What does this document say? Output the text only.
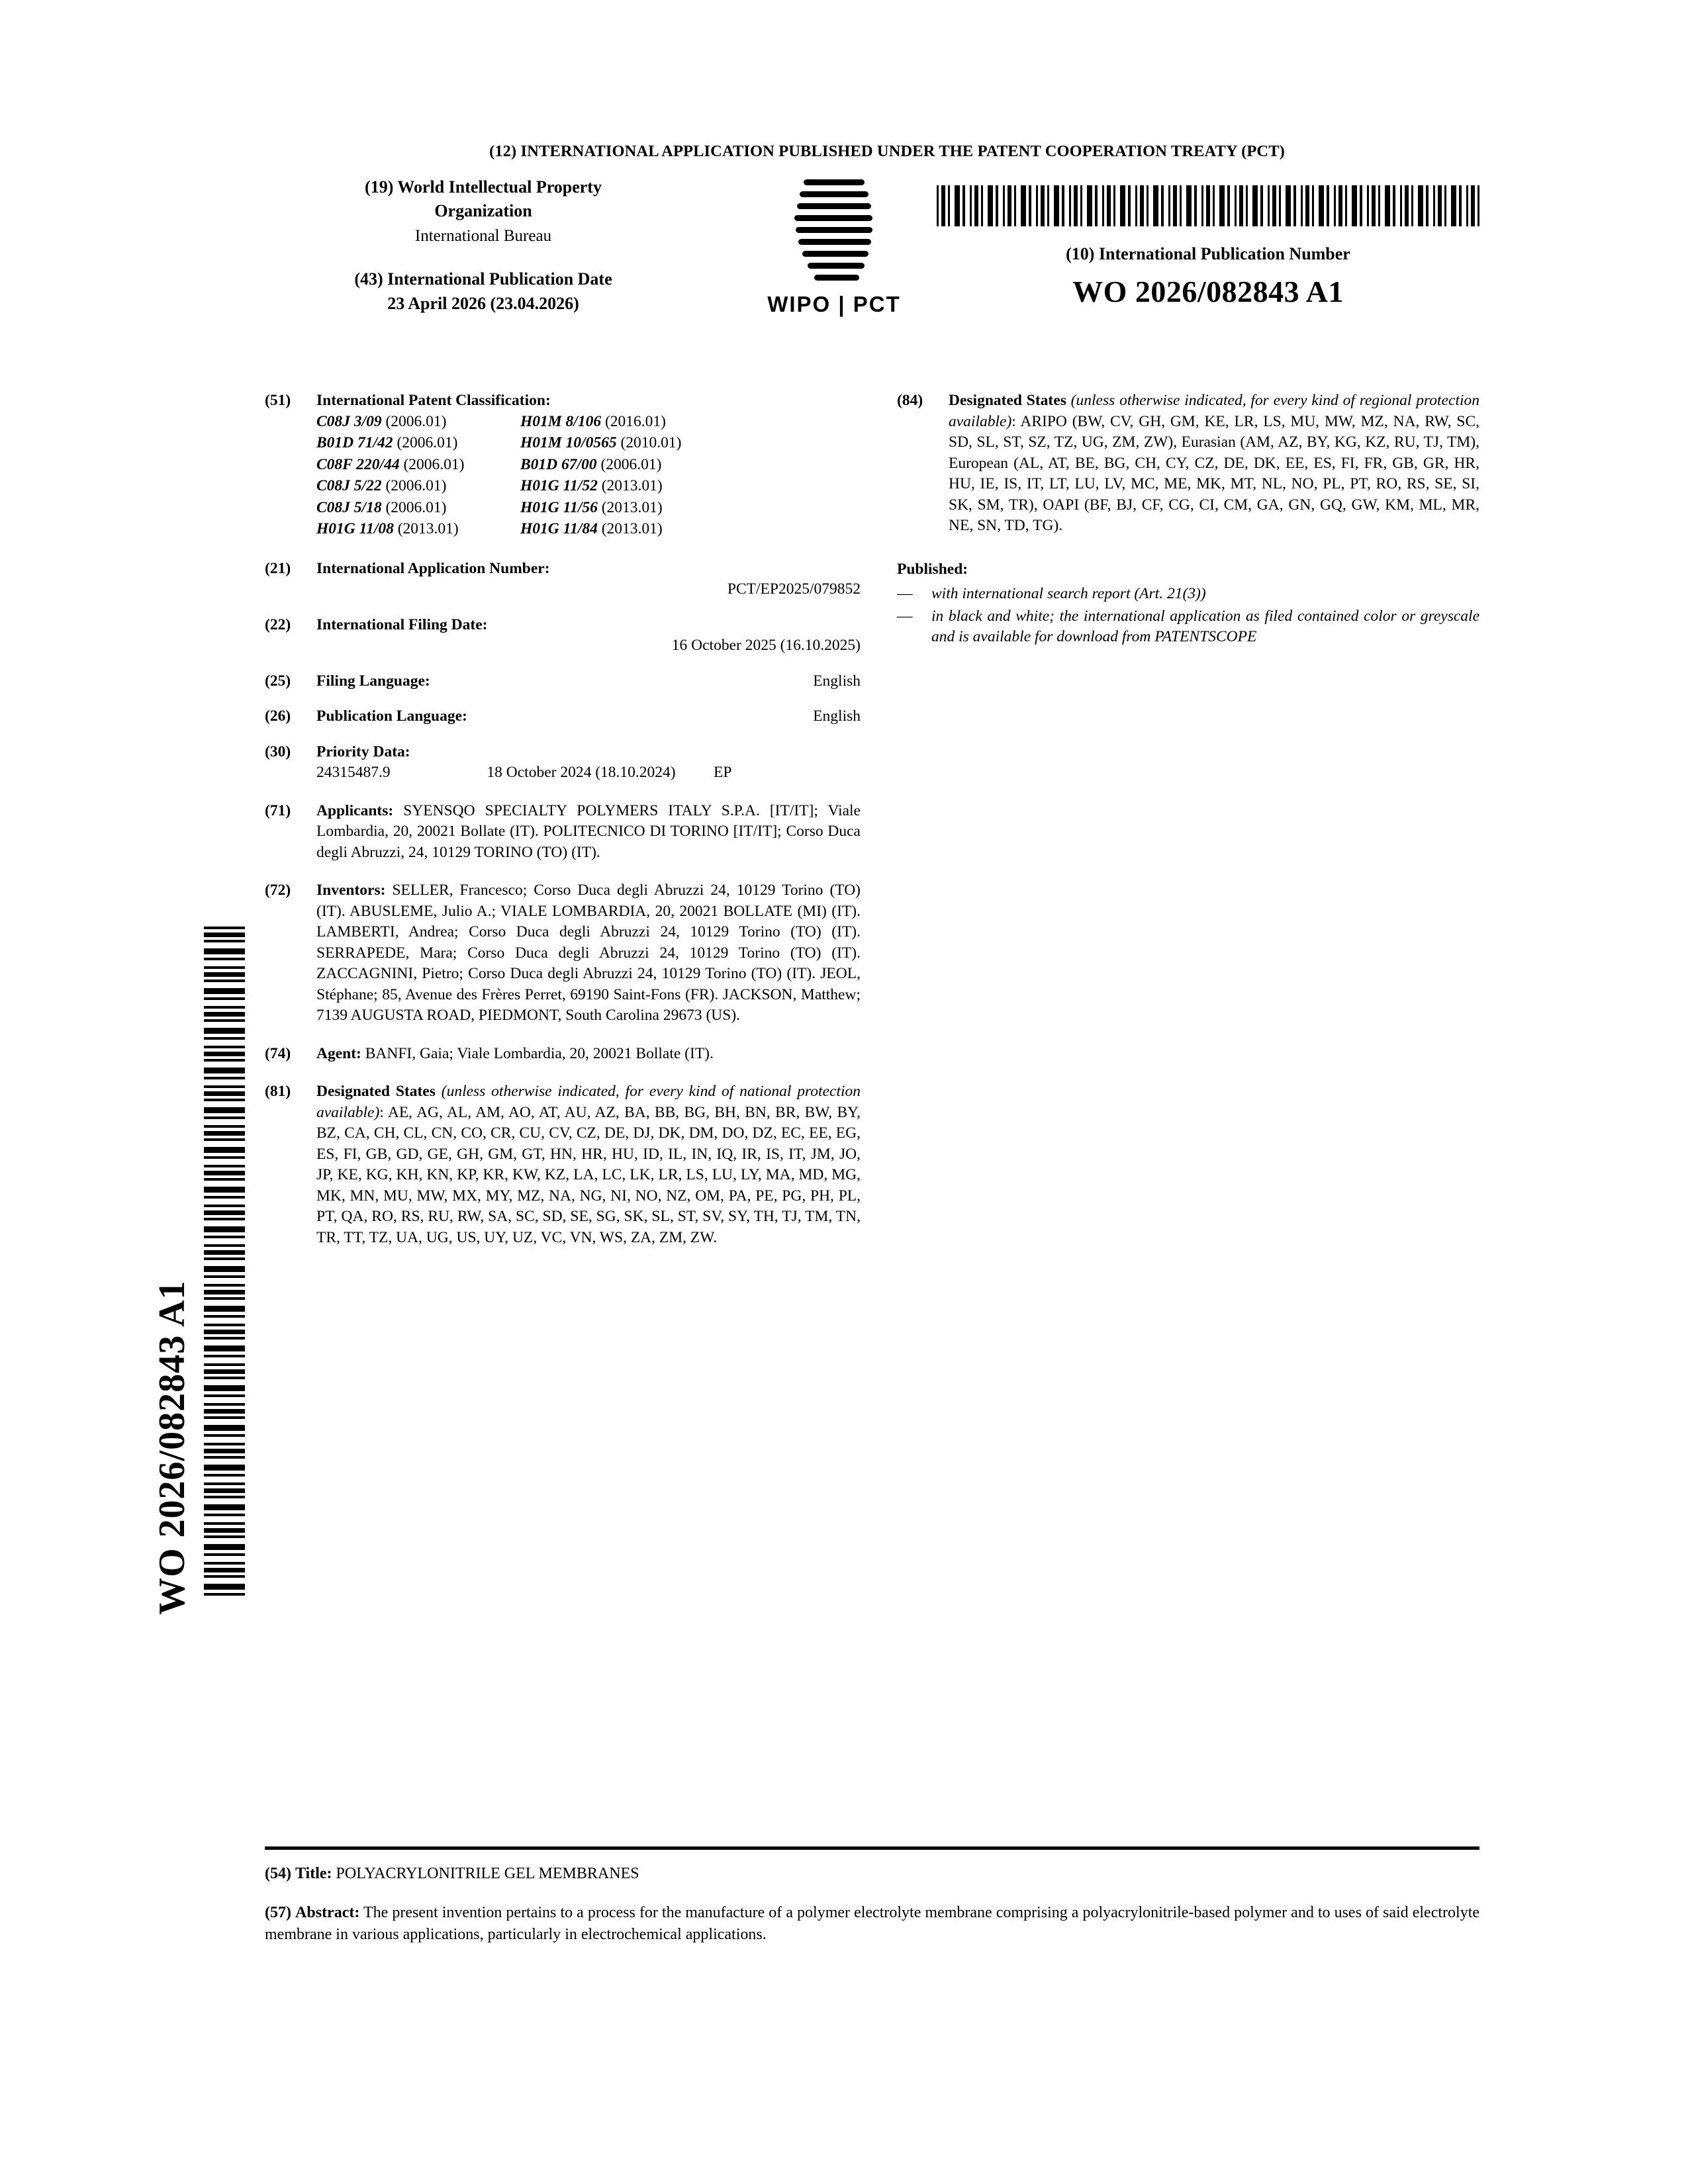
(12) INTERNATIONAL APPLICATION PUBLISHED UNDER THE PATENT COOPERATION TREATY (PCT)
(19) World Intellectual Property
Organization
International Bureau
(43) International Publication Date
23 April 2026 (23.04.2026)	WIPO | PCT
(10) International Publication Number
WO 2026/082843 A1
WO 2026/082843 A1
(51)	International Patent Classification:
C08J 3/09 (2006.01)	H01M 8/106 (2016.01)
B01D 71/42 (2006.01)	H01M 10/0565 (2010.01)
C08F 220/44 (2006.01)	B01D 67/00 (2006.01)
C08J 5/22 (2006.01)	H01G 11/52 (2013.01)
C08J 5/18 (2006.01)	H01G 11/56 (2013.01)
H01G 11/08 (2013.01)	H01G 11/84 (2013.01)
(21)	International Application Number:
PCT/EP2025/079852
(22)	International Filing Date:
16 October 2025 (16.10.2025)
(25)	Filing Language:	English
(26)	Publication Language:	English
(30)	Priority Data:
24315487.9	18 October 2024 (18.10.2024)	EP
(71)	Applicants: SYENSQO SPECIALTY POLYMERS ITALY S.P.A. [IT/IT]; Viale Lombardia, 20, 20021 Bollate (IT). POLITECNICO DI TORINO [IT/IT]; Corso Duca degli Abruzzi, 24, 10129 TORINO (TO) (IT).
(72)	Inventors: SELLER, Francesco; Corso Duca degli Abruzzi 24, 10129 Torino (TO) (IT). ABUSLEME, Julio A.; VIALE LOMBARDIA, 20, 20021 BOLLATE (MI) (IT). LAMBERTI, Andrea; Corso Duca degli Abruzzi 24, 10129 Torino (TO) (IT). SERRAPEDE, Mara; Corso Duca degli Abruzzi 24, 10129 Torino (TO) (IT). ZACCAGNINI, Pietro; Corso Duca degli Abruzzi 24, 10129 Torino (TO) (IT). JEOL, Stéphane; 85, Avenue des Frères Perret, 69190 Saint-Fons (FR). JACKSON, Matthew; 7139 AUGUSTA ROAD, PIEDMONT, South Carolina 29673 (US).
(74)	Agent: BANFI, Gaia; Viale Lombardia, 20, 20021 Bollate (IT).
(81)	Designated States (unless otherwise indicated, for every kind of national protection available): AE, AG, AL, AM, AO, AT, AU, AZ, BA, BB, BG, BH, BN, BR, BW, BY, BZ, CA, CH, CL, CN, CO, CR, CU, CV, CZ, DE, DJ, DK, DM, DO, DZ, EC, EE, EG, ES, FI, GB, GD, GE, GH, GM, GT, HN, HR, HU, ID, IL, IN, IQ, IR, IS, IT, JM, JO, JP, KE, KG, KH, KN, KP, KR, KW, KZ, LA, LC, LK, LR, LS, LU, LY, MA, MD, MG, MK, MN, MU, MW, MX, MY, MZ, NA, NG, NI, NO, NZ, OM, PA, PE, PG, PH, PL, PT, QA, RO, RS, RU, RW, SA, SC, SD, SE, SG, SK, SL, ST, SV, SY, TH, TJ, TM, TN, TR, TT, TZ, UA, UG, US, UY, UZ, VC, VN, WS, ZA, ZM, ZW.
(84)	Designated States (unless otherwise indicated, for every kind of regional protection available): ARIPO (BW, CV, GH, GM, KE, LR, LS, MU, MW, MZ, NA, RW, SC, SD, SL, ST, SZ, TZ, UG, ZM, ZW), Eurasian (AM, AZ, BY, KG, KZ, RU, TJ, TM), European (AL, AT, BE, BG, CH, CY, CZ, DE, DK, EE, ES, FI, FR, GB, GR, HR, HU, IE, IS, IT, LT, LU, LV, MC, ME, MK, MT, NL, NO, PL, PT, RO, RS, SE, SI, SK, SM, TR), OAPI (BF, BJ, CF, CG, CI, CM, GA, GN, GQ, GW, KM, ML, MR, NE, SN, TD, TG).
Published:
—	with international search report (Art. 21(3))
—	in black and white; the international application as filed contained color or greyscale and is available for download from PATENTSCOPE
(54) Title: POLYACRYLONITRILE GEL MEMBRANES
(57) Abstract: The present invention pertains to a process for the manufacture of a polymer electrolyte membrane comprising a polyacrylonitrile-based polymer and to uses of said electrolyte membrane in various applications, particularly in electrochemical applications.
